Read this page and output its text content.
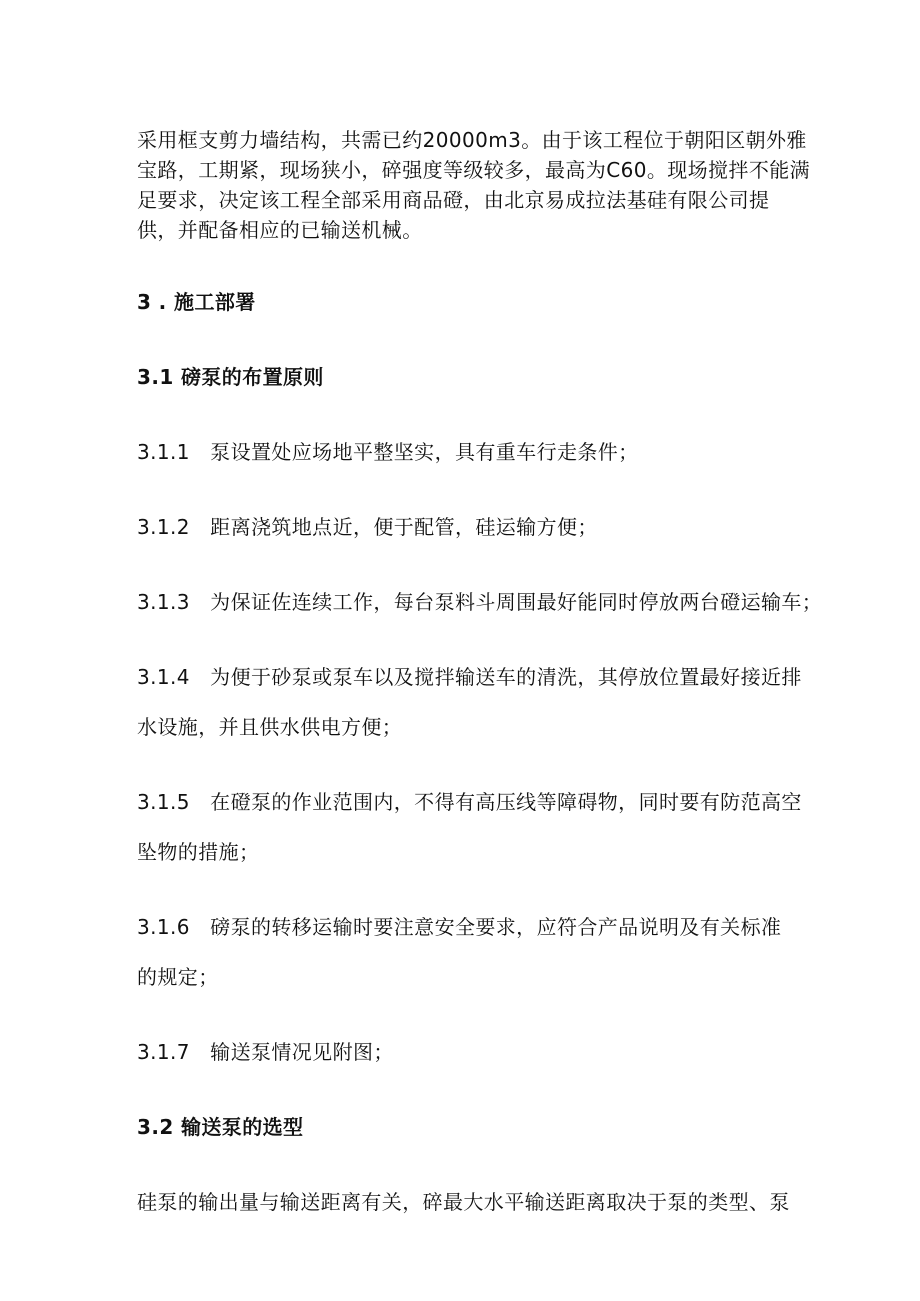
采用框支剪力墙结构，共需已约20000m3。由于该工程位于朝阳区朝外雅
宝路，工期紧，现场狭小，碎强度等级较多，最高为C60。现场搅拌不能满
足要求，决定该工程全部采用商品磴，由北京易成拉法基硅有限公司提
供，并配备相应的已输送机械。
3 . 施工部署
3.1 磅泵的布置原则
3.1.1 泵设置处应场地平整坚实，具有重车行走条件；
3.1.2 距离浇筑地点近，便于配管，硅运输方便；
3.1.3 为保证佐连续工作，每台泵料斗周围最好能同时停放两台磴运输车；
3.1.4 为便于砂泵或泵车以及搅拌输送车的清洗，其停放位置最好接近排
水设施，并且供水供电方便；
3.1.5 在磴泵的作业范围内，不得有高压线等障碍物，同时要有防范高空
坠物的措施；
3.1.6 磅泵的转移运输时要注意安全要求，应符合产品说明及有关标准
的规定；
3.1.7 输送泵情况见附图；
3.2 输送泵的选型
硅泵的输出量与输送距离有关，碎最大水平输送距离取决于泵的类型、泵
